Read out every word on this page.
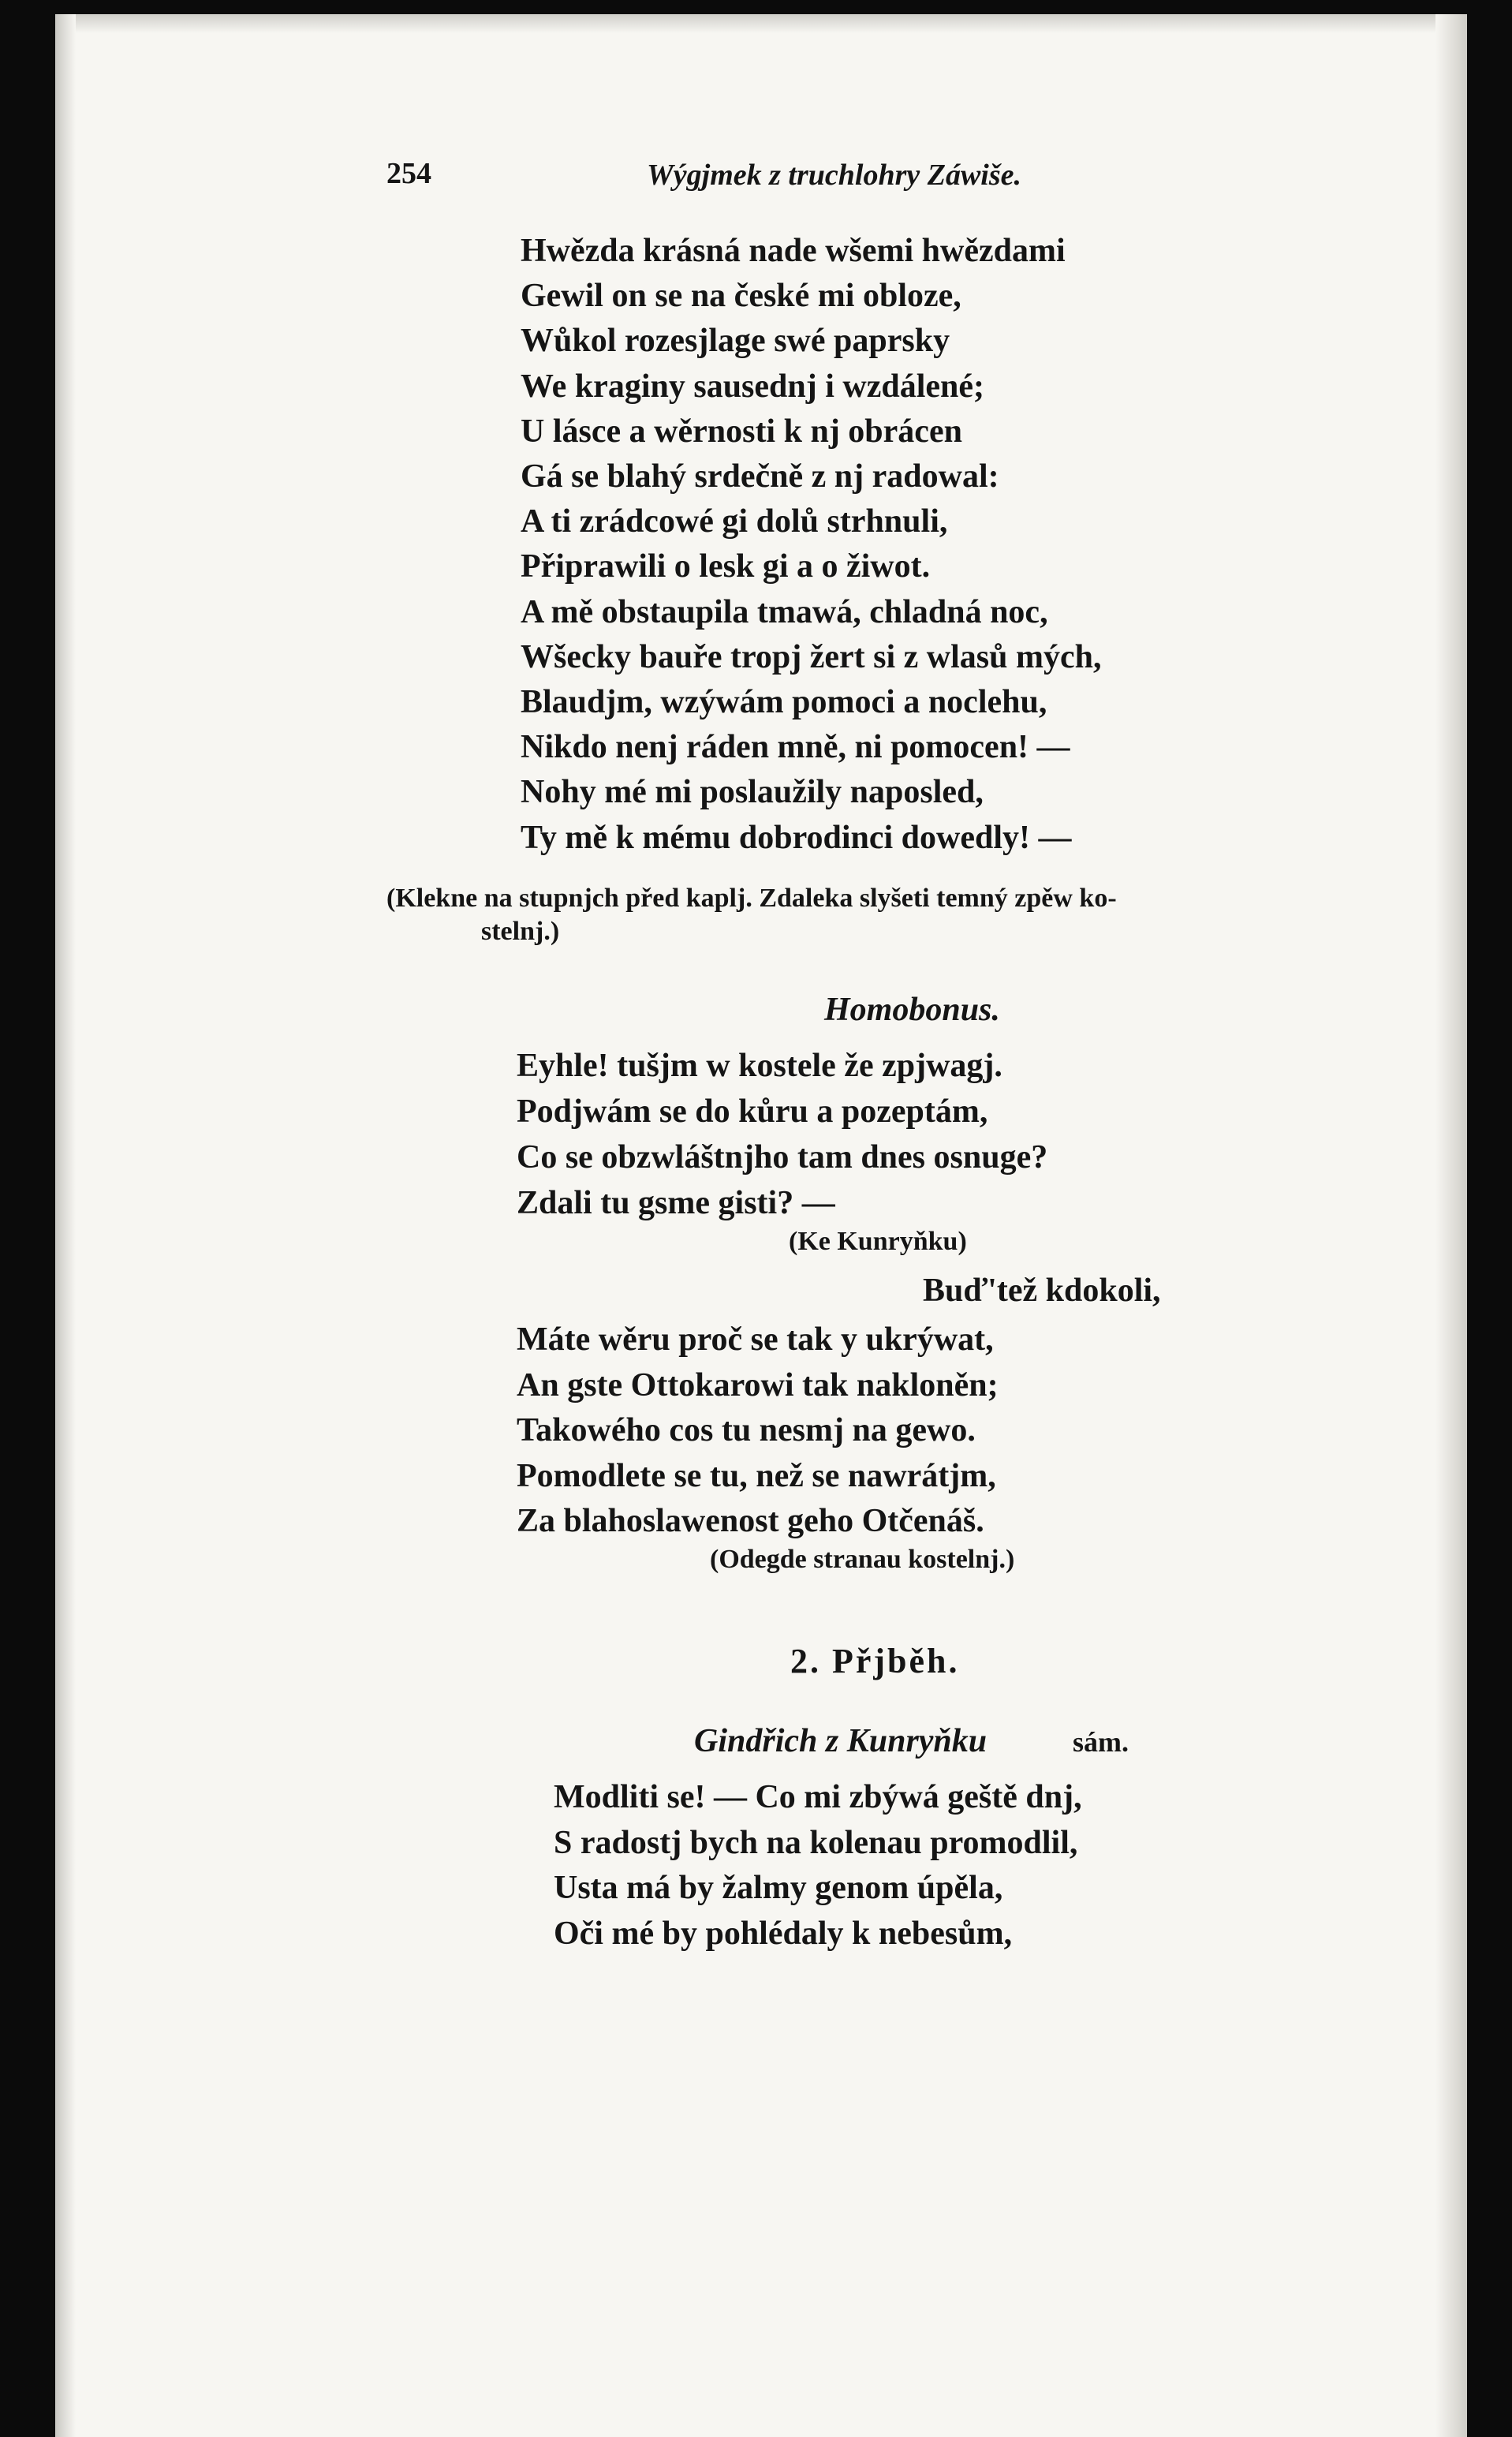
254	Wýgjmek z truchlohry Záwiše.
Hwězda krásná nade wšemi hwězdami
Gewil on se na české mi obloze,
Wůkol rozesjlage swé paprsky
We kraginy sausednj i wzdálené;
U lásce a wěrnosti k nj obrácen
Gá se blahý srdečně z nj radowal:
A ti zrádcowé gi dolů strhnuli,
Připrawili o lesk gi a o žiwot.
A mě obstaupila tmawá, chladná noc,
Wšecky bauře tropj žert si z wlasů mých,
Blaudjm, wzýwám pomoci a noclehu,
Nikdo nenj ráden mně, ni pomocen! —
Nohy mé mi poslaužily naposled,
Ty mě k mému dobrodinci dowedly! —
(Klekne na stupnjch před kaplj. Zdaleka slyšeti temný zpěw ko-
stelnj.)
Homobonus.
Eyhle! tušjm w kostele že zpjwagj.
Podjwám se do kůru a pozeptám,
Co se obzwláštnjho tam dnes osnuge?
Zdali tu gsme gisti? —
(Ke Kunryňku)
Buď'tež kdokoli,
Máte wěru proč se tak y ukrýwat,
An gste Ottokarowi tak nakloněn;
Takowého cos tu nesmj na gewo.
Pomodlete se tu, než se nawrátjm,
Za blahoslawenost geho Otčenáš.
(Odegde stranau kostelnj.)
2. Přjběh.
Gindřich z Kunryňku	sám.
Modliti se! — Co mi zbýwá geště dnj,
S radostj bych na kolenau promodlil,
Usta má by žalmy genom úpěla,
Oči mé by pohlédaly k nebesům,
